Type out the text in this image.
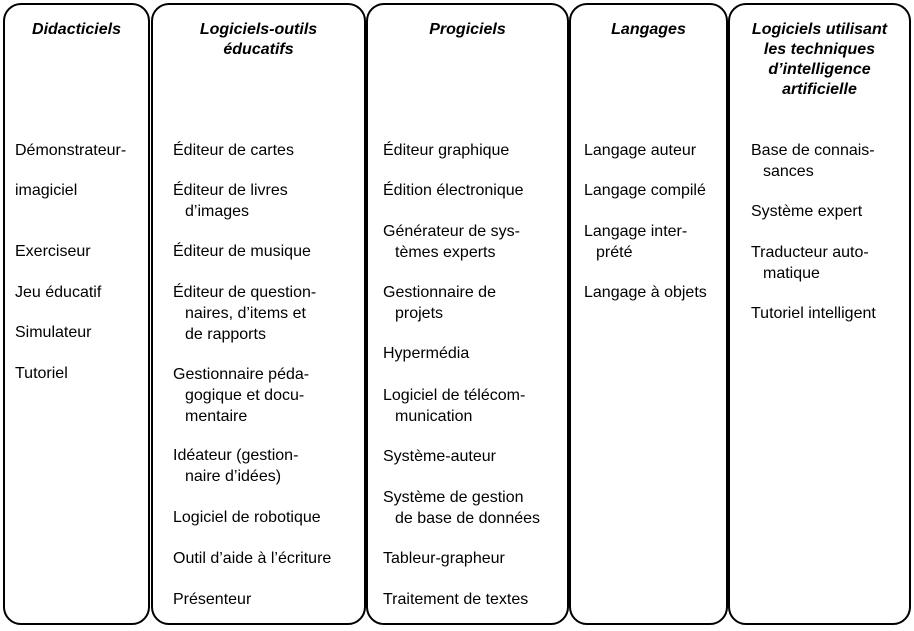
Didacticiels
Démonstrateur-
imagiciel
Exerciseur
Jeu éducatif
Simulateur
Tutoriel
Logiciels-outils
éducatifs
Éditeur de cartes
Éditeur de livres
d’images
Éditeur de musique
Éditeur de question-
naires, d’items et
de rapports
Gestionnaire péda-
gogique et docu-
mentaire
Idéateur (gestion-
naire d’idées)
Logiciel de robotique
Outil d’aide à l’écriture
Présenteur
Progiciels
Éditeur graphique
Édition électronique
Générateur de sys-
tèmes experts
Gestionnaire de
projets
Hypermédia
Logiciel de télécom-
munication
Système-auteur
Système de gestion
de base de données
Tableur-grapheur
Traitement de textes
Langages
Langage auteur
Langage compilé
Langage inter-
prété
Langage à objets
Logiciels utilisant
les techniques
d’intelligence
artificielle
Base de connais-
sances
Système expert
Traducteur auto-
matique
Tutoriel intelligent
